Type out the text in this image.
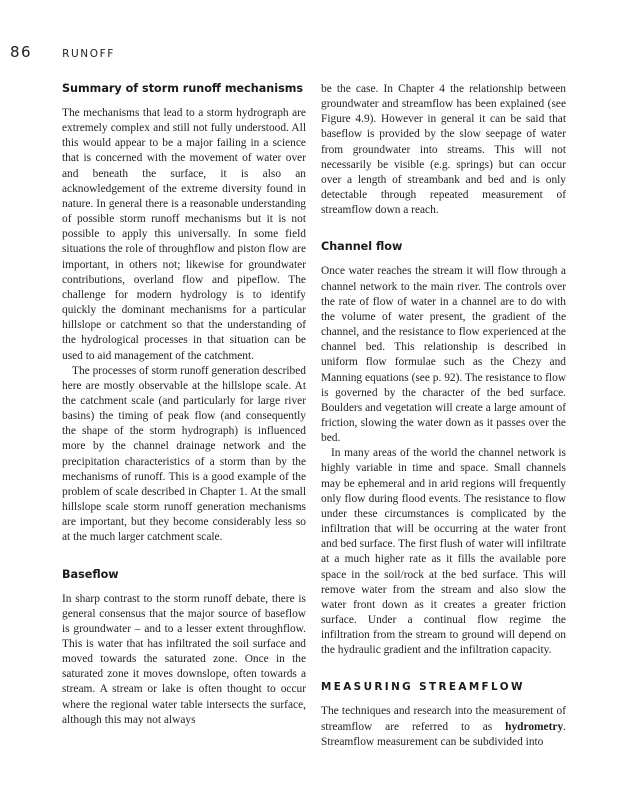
86	RUNOFF
Summary of storm runoff mechanisms

The mechanisms that lead to a storm hydrograph are extremely complex and still not fully understood. All this would appear to be a major failing in a science that is concerned with the movement of water over and beneath the surface, it is also an acknowledgement of the extreme diversity found in nature. In general there is a reasonable understanding of possible storm runoff mechanisms but it is not possible to apply this universally. In some field situations the role of throughflow and piston flow are important, in others not; likewise for groundwater contributions, overland flow and pipeflow. The challenge for modern hydrology is to identify quickly the dominant mechanisms for a particular hillslope or catchment so that the understanding of the hydrological processes in that situation can be used to aid management of the catchment.

The processes of storm runoff generation described here are mostly observable at the hillslope scale. At the catchment scale (and particularly for large river basins) the timing of peak flow (and consequently the shape of the storm hydrograph) is influenced more by the channel drainage network and the precipitation characteristics of a storm than by the mechanisms of runoff. This is a good example of the problem of scale described in Chapter 1. At the small hillslope scale storm runoff generation mechanisms are important, but they become considerably less so at the much larger catchment scale.

Baseflow

In sharp contrast to the storm runoff debate, there is general consensus that the major source of baseflow is groundwater – and to a lesser extent throughflow. This is water that has infiltrated the soil surface and moved towards the saturated zone. Once in the saturated zone it moves downslope, often towards a stream. A stream or lake is often thought to occur where the regional water table intersects the surface, although this may not always

be the case. In Chapter 4 the relationship between groundwater and streamflow has been explained (see Figure 4.9). However in general it can be said that baseflow is provided by the slow seepage of water from groundwater into streams. This will not necessarily be visible (e.g. springs) but can occur over a length of streambank and bed and is only detectable through repeated measurement of streamflow down a reach.

Channel flow

Once water reaches the stream it will flow through a channel network to the main river. The controls over the rate of flow of water in a channel are to do with the volume of water present, the gradient of the channel, and the resistance to flow experienced at the channel bed. This relationship is described in uniform flow formulae such as the Chezy and Manning equations (see p. 92). The resistance to flow is governed by the character of the bed surface. Boulders and vegetation will create a large amount of friction, slowing the water down as it passes over the bed.

In many areas of the world the channel network is highly variable in time and space. Small channels may be ephemeral and in arid regions will frequently only flow during flood events. The resistance to flow under these circumstances is complicated by the infiltration that will be occurring at the water front and bed surface. The first flush of water will infiltrate at a much higher rate as it fills the available pore space in the soil/rock at the bed surface. This will remove water from the stream and also slow the water front down as it creates a greater friction surface. Under a continual flow regime the infiltration from the stream to ground will depend on the hydraulic gradient and the infiltration capacity.

MEASURING STREAMFLOW

The techniques and research into the measurement of streamflow are referred to as hydrometry. Streamflow measurement can be subdivided into
